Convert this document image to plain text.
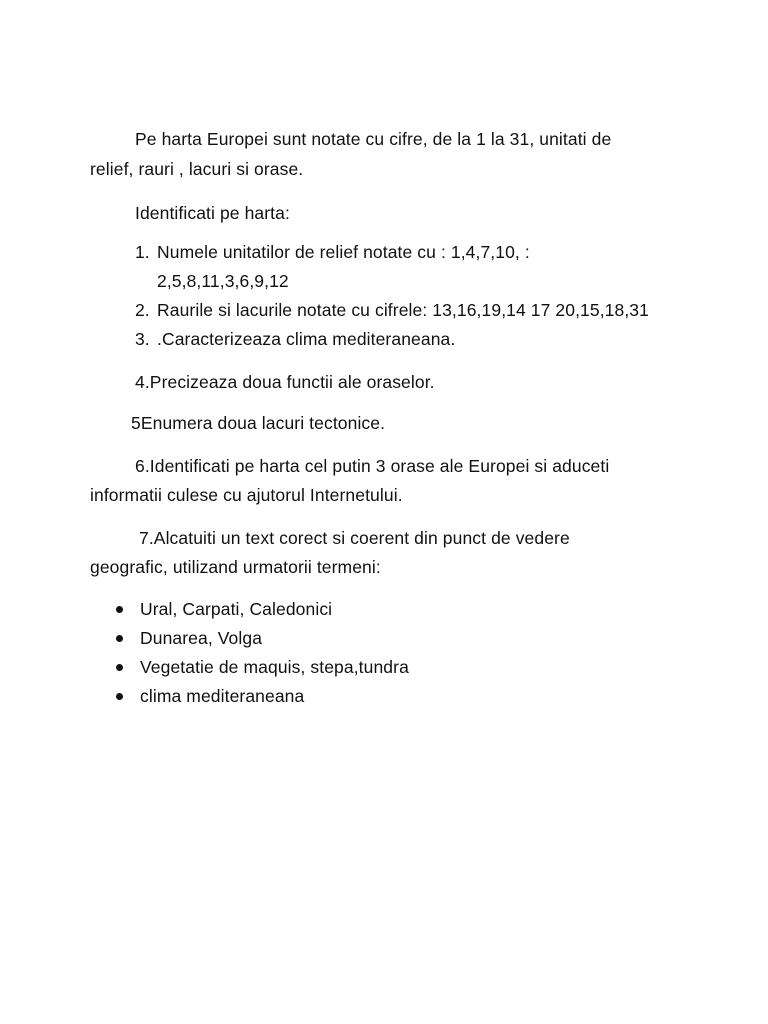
Pe harta Europei sunt notate cu cifre, de la 1 la 31, unitati de
relief, rauri , lacuri si orase.
Identificati pe harta:
1. Numele unitatilor de relief notate cu : 1,4,7,10, :
2,5,8,11,3,6,9,12
2. Raurile si lacurile notate cu cifrele: 13,16,19,14 17 20,15,18,31
3. .Caracterizeaza clima mediteraneana.
4.Precizeaza doua functii ale oraselor.
5Enumera doua lacuri tectonice.
6.Identificati pe harta cel putin 3 orase ale Europei si aduceti
informatii culese cu ajutorul Internetului.
7.Alcatuiti un text corect si coerent din punct de vedere
geografic, utilizand urmatorii termeni:
Ural, Carpati, Caledonici
Dunarea, Volga
Vegetatie de maquis, stepa,tundra
clima mediteraneana
